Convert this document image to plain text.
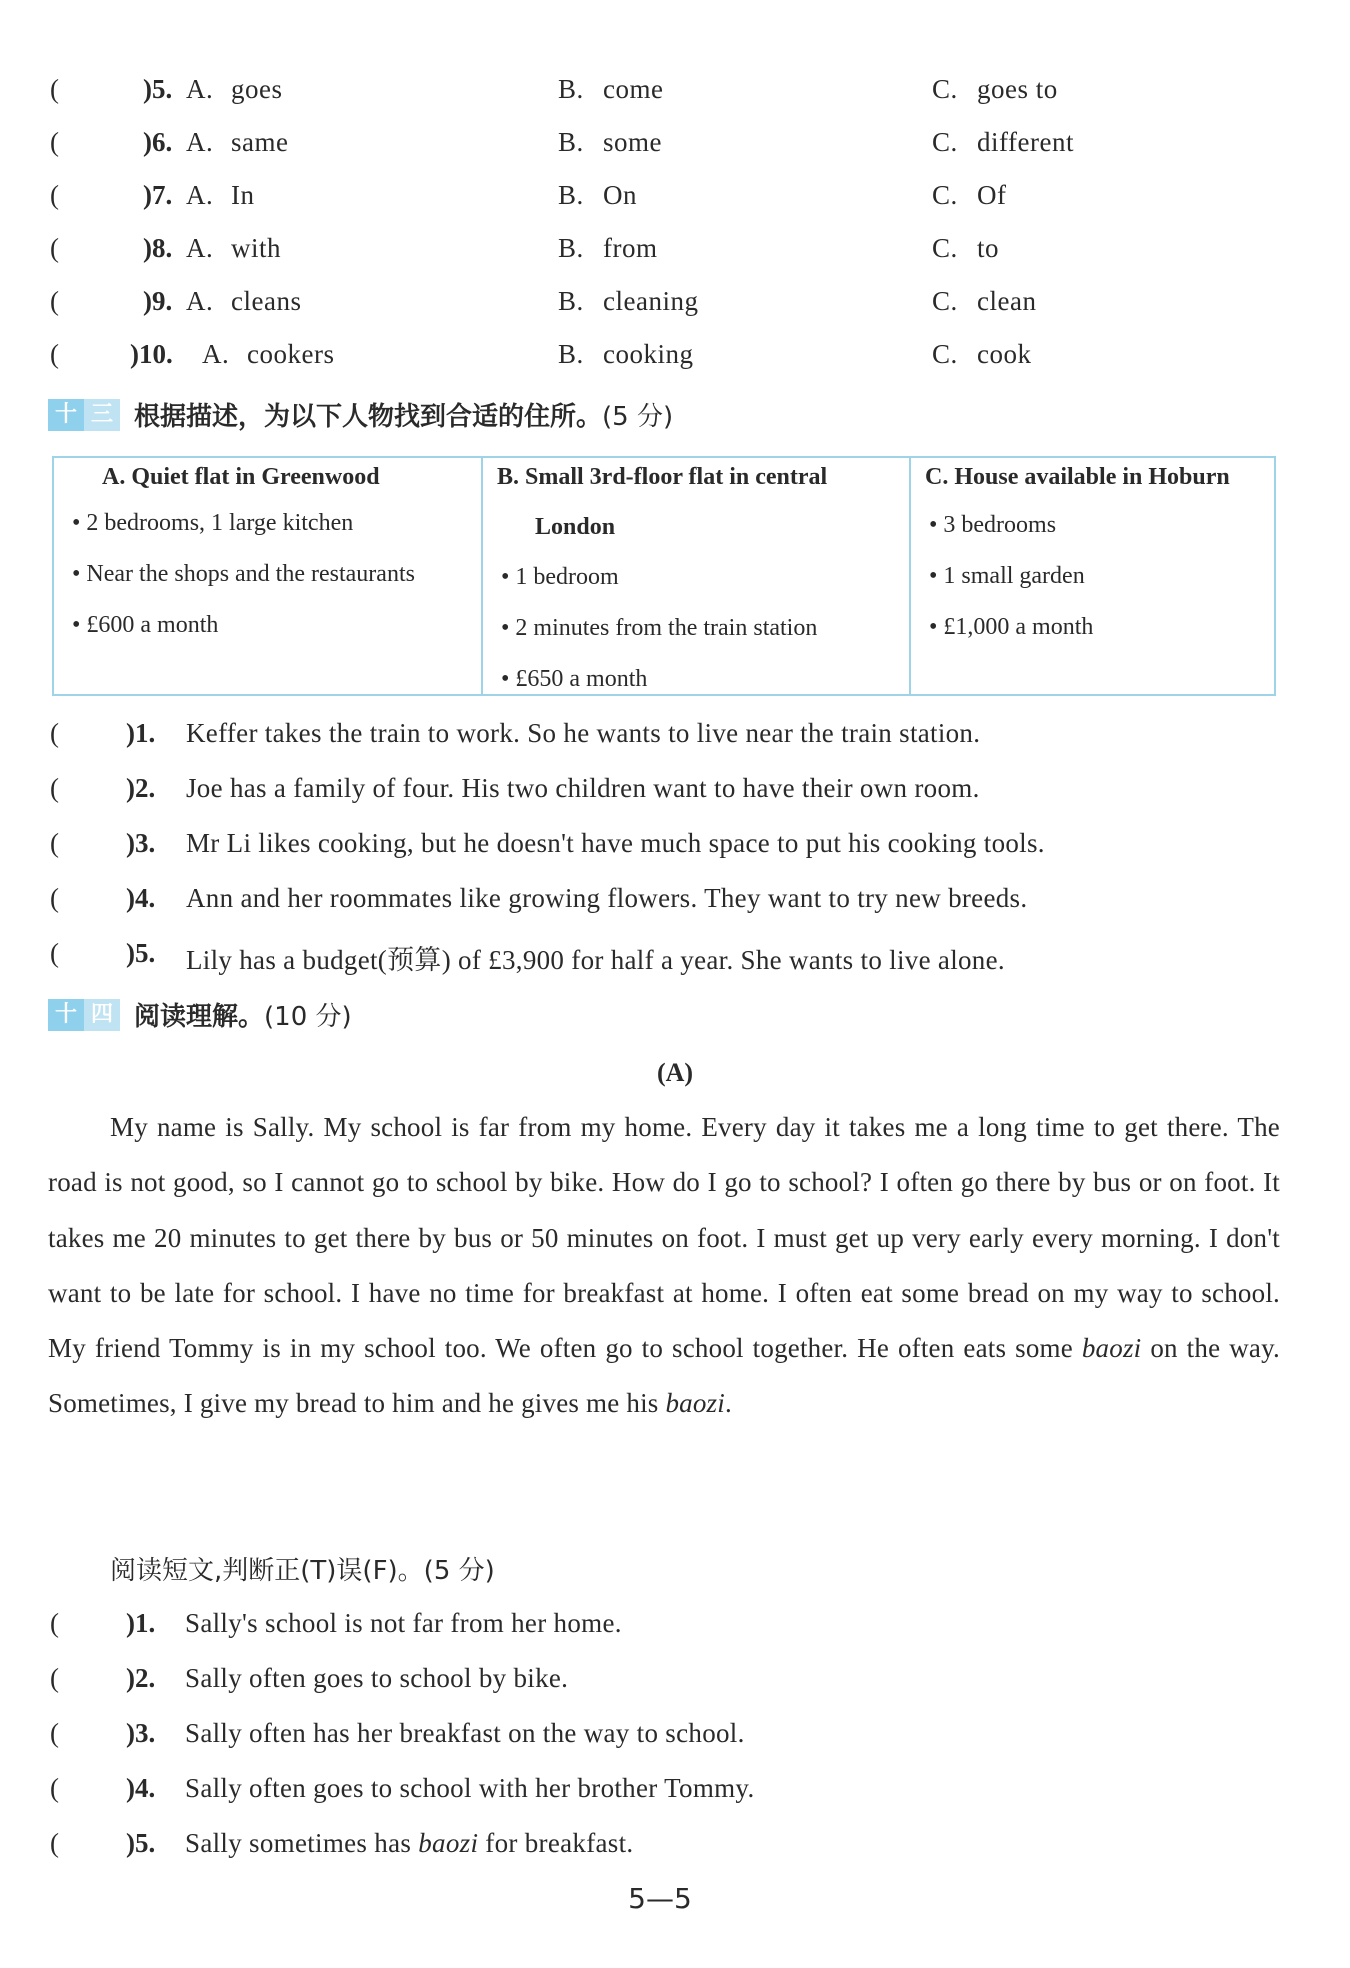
(	)5. A. goes	B. come	C. goes to
(	)6. A. same	B. some	C. different
(	)7. A. In	B. On	C. Of
(	)8. A. with	B. from	C. to
(	)9. A. cleans	B. cleaning	C. clean
(	)10. A. cookers	B. cooking	C. cook
十 三 根据描述，为以下人物找到合适的住所。(5 分)
A. Quiet flat in Greenwood
• 2 bedrooms, 1 large kitchen
• Near the shops and the restaurants
• £600 a month
B. Small 3rd-floor flat in central
London
• 1 bedroom
• 2 minutes from the train station
• £650 a month
C. House available in Hoburn
• 3 bedrooms
• 1 small garden
• £1,000 a month
( )1. Keffer takes the train to work. So he wants to live near the train station.
( )2. Joe has a family of four. His two children want to have their own room.
( )3. Mr Li likes cooking, but he doesn't have much space to put his cooking tools.
( )4. Ann and her roommates like growing flowers. They want to try new breeds.
( )5. Lily has a budget(预算) of £3,900 for half a year. She wants to live alone.
十 四 阅读理解。(10 分)
(A)
My name is Sally. My school is far from my home. Every day it takes me a long time to get there. The road is not good, so I cannot go to school by bike. How do I go to school? I often go there by bus or on foot. It takes me 20 minutes to get there by bus or 50 minutes on foot. I must get up very early every morning. I don't want to be late for school. I have no time for breakfast at home. I often eat some bread on my way to school. My friend Tommy is in my school too. We often go to school together. He often eats some baozi on the way. Sometimes, I give my bread to him and he gives me his baozi.
阅读短文,判断正(T)误(F)。(5 分)
( )1. Sally's school is not far from her home.
( )2. Sally often goes to school by bike.
( )3. Sally often has her breakfast on the way to school.
( )4. Sally often goes to school with her brother Tommy.
( )5. Sally sometimes has baozi for breakfast.
5—5
